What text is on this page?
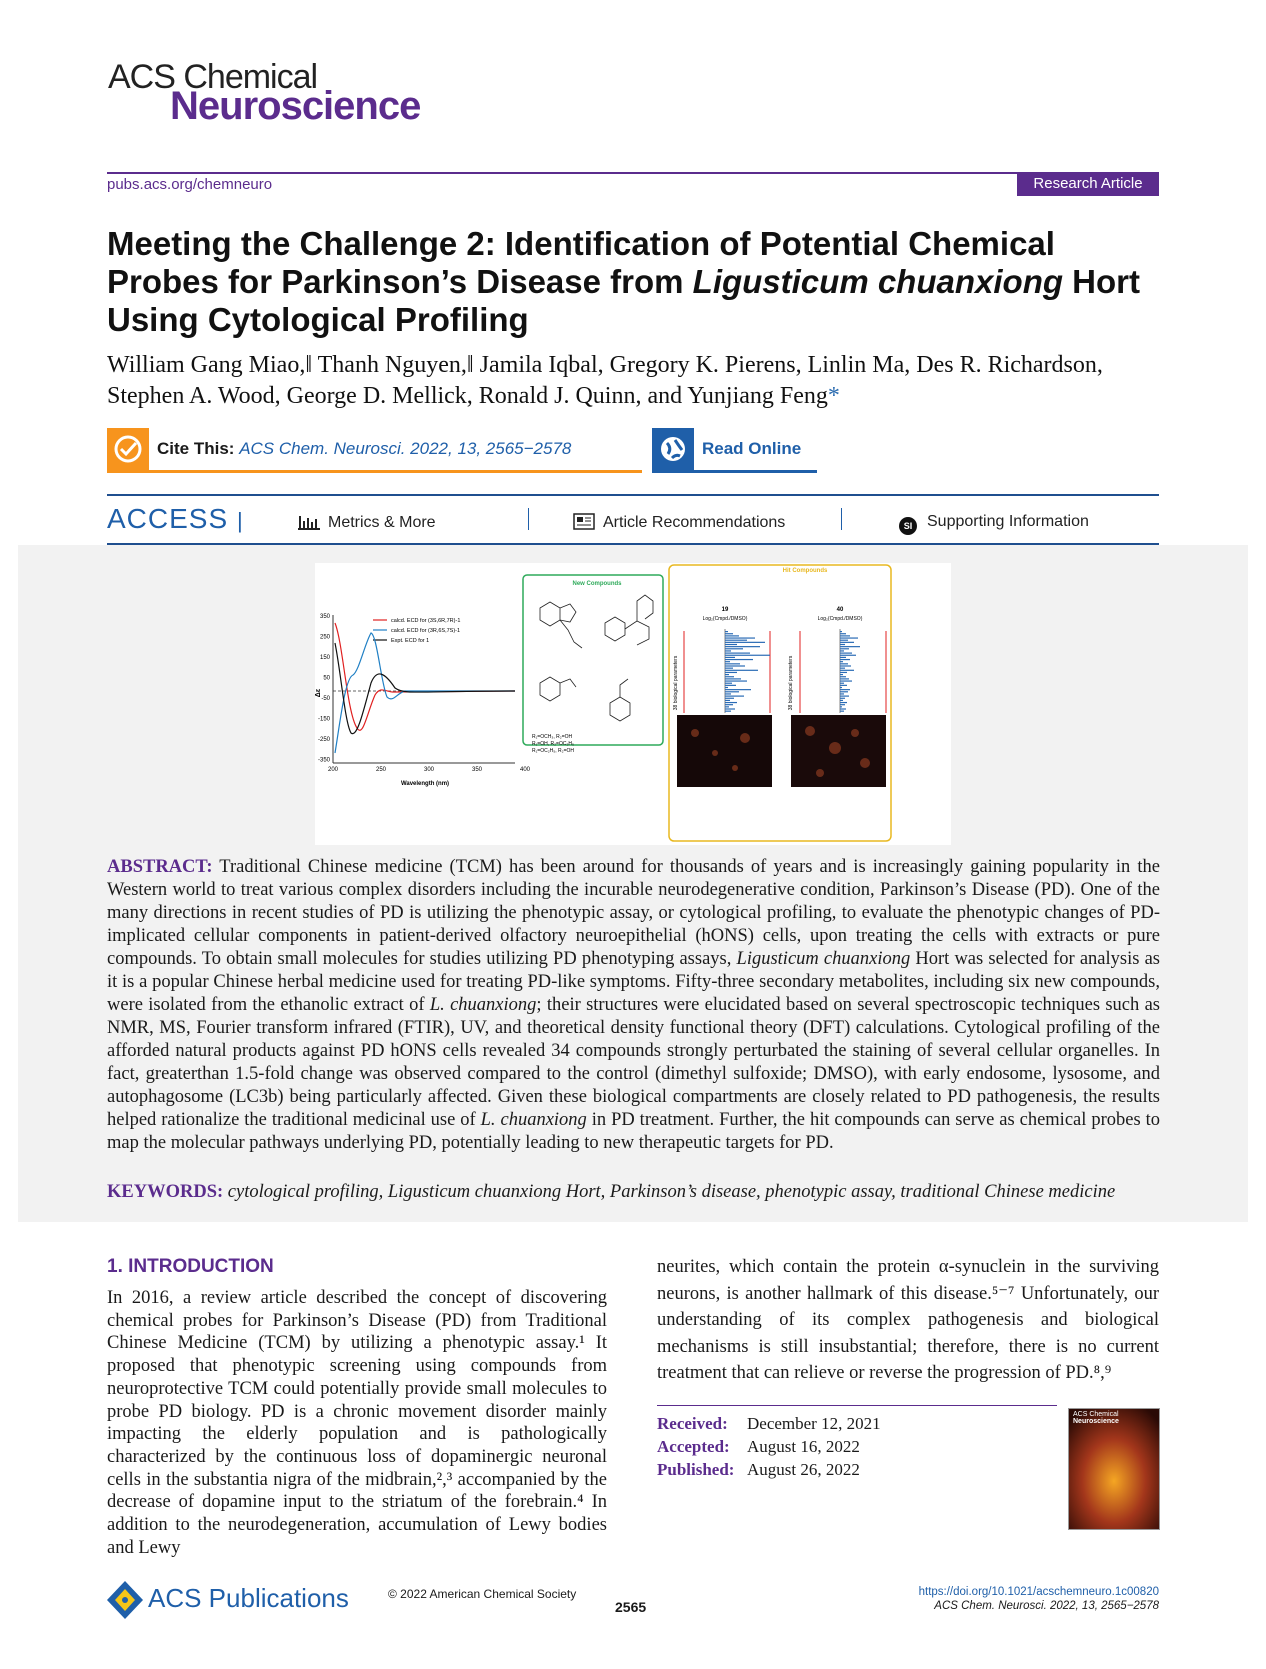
ACS Chemical
Neuroscience
pubs.acs.org/chemneuro	Research Article
Meeting the Challenge 2: Identification of Potential Chemical Probes for Parkinson’s Disease from Ligusticum chuanxiong Hort Using Cytological Profiling
William Gang Miao,‖ Thanh Nguyen,‖ Jamila Iqbal, Gregory K. Pierens, Linlin Ma, Des R. Richardson, Stephen A. Wood, George D. Mellick, Ronald J. Quinn, and Yunjiang Feng*
Cite This: ACS Chem. Neurosci. 2022, 13, 2565−2578	Read Online
ACCESS |	Metrics & More	Article Recommendations	SI Supporting Information
350
250
150
50
-50
-150
-250
-350
200	250	300	350	400
Δε
Wavelength (nm)
calcd. ECD for (3S,6R,7R)-1
calcd. ECD for (3R,6S,7S)-1
Expt. ECD for 1
New Compounds
R₁=OCH₃, R₂=OH
R₁=OH, R₂=OC₂H₅
R₁=OC₂H₅, R₂=OH
Hit Compounds
19	40
Log₂(Cmpd./DMSO)	Log₂(Cmpd./DMSO)
38 biological parameters	38 biological parameters
ABSTRACT: Traditional Chinese medicine (TCM) has been around for thousands of years and is increasingly gaining popularity in the Western world to treat various complex disorders including the incurable neurodegenerative condition, Parkinson’s Disease (PD). One of the many directions in recent studies of PD is utilizing the phenotypic assay, or cytological profiling, to evaluate the phenotypic changes of PD-implicated cellular components in patient-derived olfactory neuroepithelial (hONS) cells, upon treating the cells with extracts or pure compounds. To obtain small molecules for studies utilizing PD phenotyping assays, Ligusticum chuanxiong Hort was selected for analysis as it is a popular Chinese herbal medicine used for treating PD-like symptoms. Fifty-three secondary metabolites, including six new compounds, were isolated from the ethanolic extract of L. chuanxiong; their structures were elucidated based on several spectroscopic techniques such as NMR, MS, Fourier transform infrared (FTIR), UV, and theoretical density functional theory (DFT) calculations. Cytological profiling of the afforded natural products against PD hONS cells revealed 34 compounds strongly perturbated the staining of several cellular organelles. In fact, greaterthan 1.5-fold change was observed compared to the control (dimethyl sulfoxide; DMSO), with early endosome, lysosome, and autophagosome (LC3b) being particularly affected. Given these biological compartments are closely related to PD pathogenesis, the results helped rationalize the traditional medicinal use of L. chuanxiong in PD treatment. Further, the hit compounds can serve as chemical probes to map the molecular pathways underlying PD, potentially leading to new therapeutic targets for PD.
KEYWORDS: cytological profiling, Ligusticum chuanxiong Hort, Parkinson’s disease, phenotypic assay, traditional Chinese medicine
1. INTRODUCTION
In 2016, a review article described the concept of discovering chemical probes for Parkinson’s Disease (PD) from Traditional Chinese Medicine (TCM) by utilizing a phenotypic assay.¹ It proposed that phenotypic screening using compounds from neuroprotective TCM could potentially provide small molecules to probe PD biology. PD is a chronic movement disorder mainly impacting the elderly population and is pathologically characterized by the continuous loss of dopaminergic neuronal cells in the substantia nigra of the midbrain,²,³ accompanied by the decrease of dopamine input to the striatum of the forebrain.⁴ In addition to the neurodegeneration, accumulation of Lewy bodies and Lewy
neurites, which contain the protein α-synuclein in the surviving neurons, is another hallmark of this disease.⁵⁻⁷ Unfortunately, our understanding of its complex pathogenesis and biological mechanisms is still insubstantial; therefore, there is no current treatment that can relieve or reverse the progression of PD.⁸,⁹
Received: December 12, 2021
Accepted: August 16, 2022
Published: August 26, 2022
ACS Chemical
Neuroscience
ACS Publications	© 2022 American Chemical Society
2565
https://doi.org/10.1021/acschemneuro.1c00820
ACS Chem. Neurosci. 2022, 13, 2565−2578
